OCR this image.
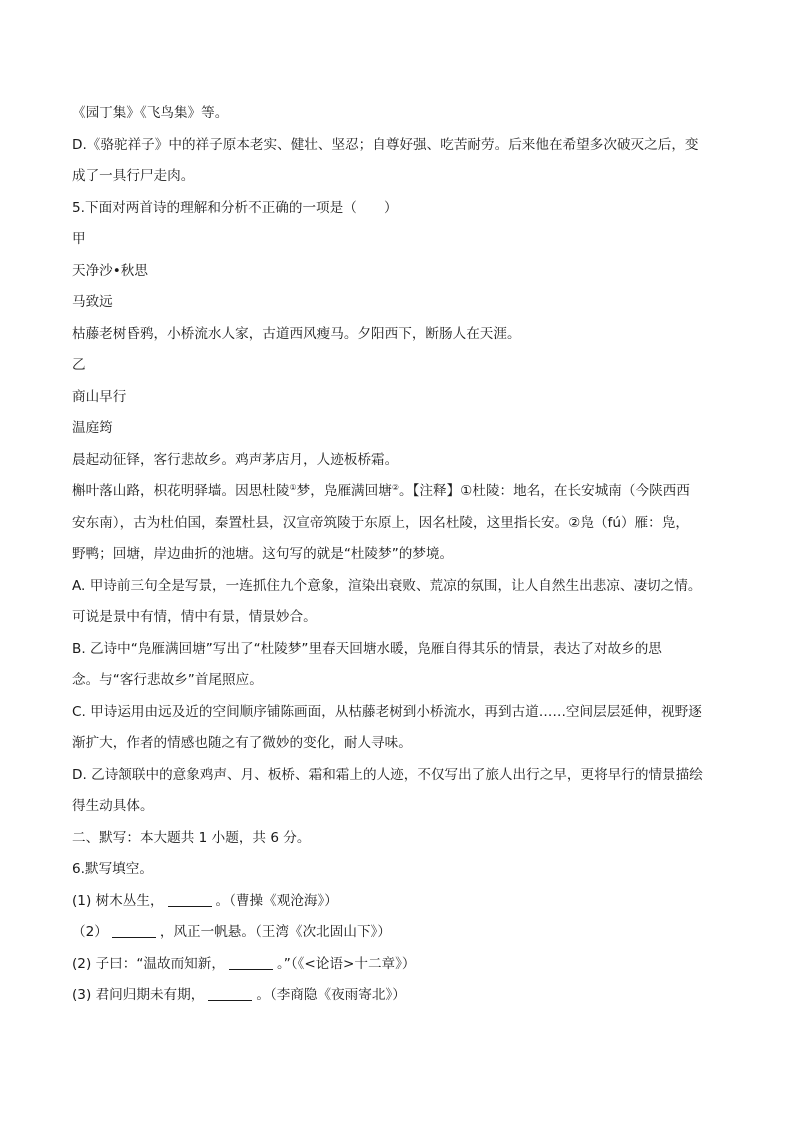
《园丁集》《飞鸟集》等。
D.《骆驼祥子》中的祥子原本老实、健壮、坚忍；自尊好强、吃苦耐劳。后来他在希望多次破灭之后，变
成了一具行尸走肉。
5.下面对两首诗的理解和分析不正确的一项是（　　）
甲
天净沙•秋思
马致远
枯藤老树昏鸦，小桥流水人家，古道西风瘦马。夕阳西下，断肠人在天涯。
乙
商山早行
温庭筠
晨起动征铎，客行悲故乡。鸡声茅店月，人迹板桥霜。
槲叶落山路，枳花明驿墙。因思杜陵①梦，凫雁满回塘②。【注释】①杜陵：地名，在长安城南（今陕西西
安东南），古为杜伯国，秦置杜县，汉宣帝筑陵于东原上，因名杜陵，这里指长安。②凫（fú）雁：凫，
野鸭；回塘，岸边曲折的池塘。这句写的就是“杜陵梦”的梦境。
A. 甲诗前三句全是写景，一连抓住九个意象，渲染出衰败、荒凉的氛围，让人自然生出悲凉、凄切之情。
可说是景中有情，情中有景，情景妙合。
B. 乙诗中“凫雁满回塘”写出了“杜陵梦”里春天回塘水暖，凫雁自得其乐的情景，表达了对故乡的思
念。与“客行悲故乡”首尾照应。
C. 甲诗运用由远及近的空间顺序铺陈画面，从枯藤老树到小桥流水，再到古道……空间层层延伸，视野逐
渐扩大，作者的情感也随之有了微妙的变化，耐人寻味。
D. 乙诗颔联中的意象鸡声、月、板桥、霜和霜上的人迹，不仅写出了旅人出行之早，更将早行的情景描绘
得生动具体。
二、默写：本大题共 1 小题，共 6 分。
6.默写填空。
(1) 树木丛生，	。（曹操《观沧海》）
（2）	，风正一帆悬。（王湾《次北固山下》）
(2) 子曰：“温故而知新，	。”（《<论语>十二章》）
(3) 君问归期未有期，	。（李商隐《夜雨寄北》）
